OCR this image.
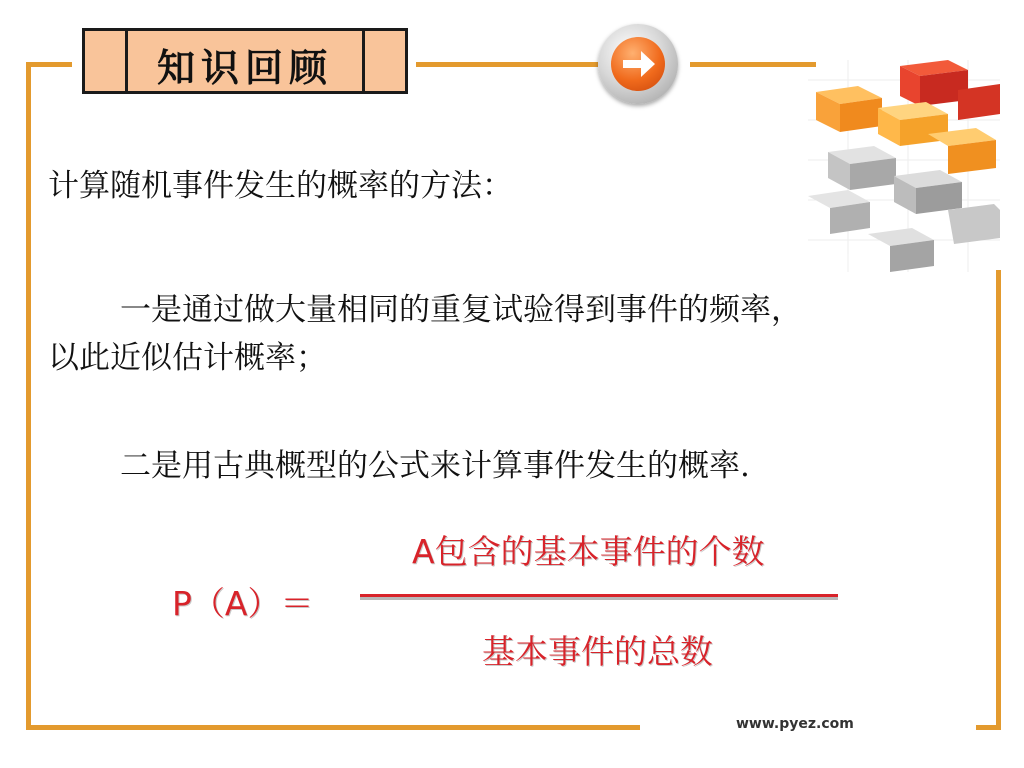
知识回顾
计算随机事件发生的概率的方法：
一是通过做大量相同的重复试验得到事件的频率，
以此近似估计概率；
二是用古典概型的公式来计算事件发生的概率.
A包含的基本事件的个数
P（A）＝
基本事件的总数
www.pyez.com
